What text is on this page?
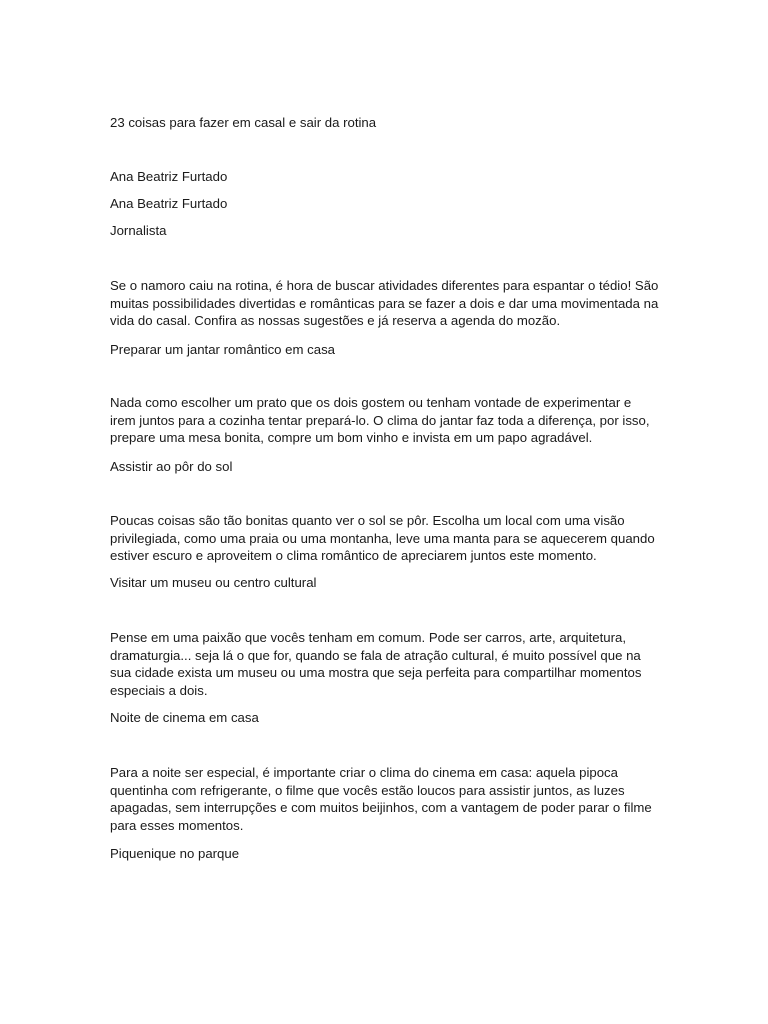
23 coisas para fazer em casal e sair da rotina

Ana Beatriz Furtado

Ana Beatriz Furtado

Jornalista

Se o namoro caiu na rotina, é hora de buscar atividades diferentes para espantar o tédio! São muitas possibilidades divertidas e românticas para se fazer a dois e dar uma movimentada na vida do casal. Confira as nossas sugestões e já reserva a agenda do mozão.

Preparar um jantar romântico em casa

Nada como escolher um prato que os dois gostem ou tenham vontade de experimentar e irem juntos para a cozinha tentar prepará-lo. O clima do jantar faz toda a diferença, por isso, prepare uma mesa bonita, compre um bom vinho e invista em um papo agradável.

Assistir ao pôr do sol

Poucas coisas são tão bonitas quanto ver o sol se pôr. Escolha um local com uma visão privilegiada, como uma praia ou uma montanha, leve uma manta para se aquecerem quando estiver escuro e aproveitem o clima romântico de apreciarem juntos este momento.

Visitar um museu ou centro cultural

Pense em uma paixão que vocês tenham em comum. Pode ser carros, arte, arquitetura, dramaturgia... seja lá o que for, quando se fala de atração cultural, é muito possível que na sua cidade exista um museu ou uma mostra que seja perfeita para compartilhar momentos especiais a dois.

Noite de cinema em casa

Para a noite ser especial, é importante criar o clima do cinema em casa: aquela pipoca quentinha com refrigerante, o filme que vocês estão loucos para assistir juntos, as luzes apagadas, sem interrupções e com muitos beijinhos, com a vantagem de poder parar o filme para esses momentos.

Piquenique no parque
